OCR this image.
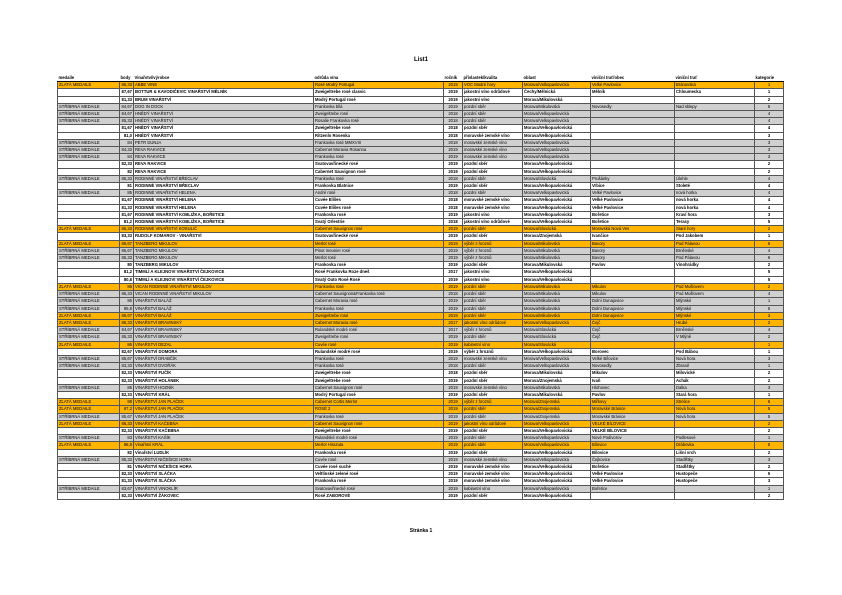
List1
medaile	body	Vinařství/výrobce	odrůda vína	ročník	přívlastek/kvalita	oblast	viniční trať/obec	viniční trať	kategorie
ZLATÁ MEDAILE	86,33	ABBE VINE	Rosé Modrý Portugal	2019	VOC Modré hory	Morava/Velkopavlovická	Velké Pavlovice	Bránovská	1
	87,67	BOTTUR & KAVODIČEVIC VINAŘSTVÍ MĚLNÍK	Zweigeltrebe rosé classic	2019	jakostní víno odrůdové	Čechy/Mělnická	Mělník	Chloumecka	1
	81,33	BRUM VINAŘSTVÍ	Modrý Portugal rosé	2019	jakostní víno	Morava/Mikulovská			2
STŘÍBRNÁ MEDAILE	84,67	DOG IN DOCK	Frankovka bílá	2019	pozdní sběr	Morava/Mikulovská	Novosedly	Nad sklepy	5
STŘÍBRNÁ MEDAILE	84,67	HNĚDÝ VINAŘSTVÍ	Zweigeltrebe rosé	2018	pozdní sběr	Morava/Velkopavlovická			4
STŘÍBRNÁ MEDAILE	85,33	HNĚDÝ VINAŘSTVÍ	Rosalie Frankovka rosé	2018	pozdní sběr	Morava/Velkopavlovická			4
	81,67	HNĚDÝ VINAŘSTVÍ	Zweigeltrebe rosé	2018	pozdní sběr	Morava/Velkopavlovická			4
	81,0	HNĚDÝ VINAŘSTVÍ	Ritzenlo Rosenka	2018	moravské zemské víno	Morava/Velkopavlovická			3
STŘÍBRNÁ MEDAILE	84	PETR DUNJA	Frankovka rosé MMXVIII	2018	moravské zemské víno	Morava/Velkopavlovická			3
STŘÍBRNÁ MEDAILE	84,33	REVA RAKVICE	Cabernet Moravia Rosanna	2019	moravské zemské víno	Morava/Velkopavlovická			3
STŘÍBRNÁ MEDAILE	84	REVA RAKVICE	Frankovka rosé	2019	moravské zemské víno	Morava/Velkopavlovická			3
	82,33	REVA RAKVICE	Svatovavřinecké rosé	2019	pozdní sběr	Morava/Velkopavlovická			2
	82	REVA RAKVICE	Cabernet Sauvignon rosé	2019	pozdní sběr	Morava/Velkopavlovická			2
STŘÍBRNÁ MEDAILE	85,33	RODINNÉ VINAŘSTVÍ BŘECLAV	Frankovka rosé	2018	pozdní sběr	Morava/Slovácká	Prušánky	Úlehle	4
	81	RODINNÉ VINAŘSTVÍ BŘECLAV	Frankovka Blatnice	2019	pozdní sběr	Morava/Velkopavlovická	Vrbice	Stoleté	4
STŘÍBRNÁ MEDAILE	85	RODINNÉ VINAŘSTVÍ HELENA	André rosé	2018	pozdní sběr	Morava/Velkopavlovická	Velké Pavlovice	nová horka	4
	81,67	RODINNÉ VINAŘSTVÍ HELENA	Cuvée Elišes	2018	moravské zemské víno	Morava/Velkopavlovická	Velké Pavlovice	nová horka	4
	81,33	RODINNÉ VINAŘSTVÍ HELENA	Cuvée Elišes rosé	2018	moravské zemské víno	Morava/Velkopavlovická	Velké Pavlovice	nová horka	4
	81,67	RODINNÉ VINAŘSTVÍ KOBLIŽKA, BOŘETICE	Frankovka rosé	2019	jakostní víno	Morava/Velkopavlovická	Bořetice	Kraví hora	3
	81,2	RODINNÉ VINAŘSTVÍ KOBLIŽKA, BOŘETICE	Svatý Orlestrie	2018	jakostní víno odrůdové	Morava/Velkopavlovická	Bořetice	Terasy	5
ZLATÁ MEDAILE	86,33	RODINNÉ VINAŘSTVÍ KOSULIČ	Cabernet Sauvignon rosé	2019	pozdní sběr	Morava/Slovácká	Moravská Nová Ves	Staré hory	2
	83,33	RUDOLF KOMAROV - VINAŘSTVÍ	Svatovavřinecké rosé	2019	pozdní sběr	Morava/Znojemská	Ivančice	Pod Jakobem	1
ZLATÁ MEDAILE	86,67	TANZBERG MIKULOV	Merlot rosé	2019	výběr z hroznů	Morava/Mikulovská	Bavory	Pod Pálavou	6
STŘÍBRNÁ MEDAILE	85,67	TANZBERG MIKULOV	Pinot meunier rosé	2019	výběr z hroznů	Morava/Mikulovská	Bavory	Brněnské	4
STŘÍBRNÁ MEDAILE	85,33	TANZBERG MIKULOV	Merlot rosé	2019	výběr z hroznů	Morava/Mikulovská	Bavory	Pod Pálavou	6
	80	TANZBERG MIKULOV	Frankovka rosé	2019	pozdní sběr	Morava/Mikulovská	Pavlov	Vinohrádky	2
	81,2	TIMMLÍ A KLEJNOVI VINAŘSTVÍ ČEJKOVICE	Rosé Frankovka Roze dneš	2017	jakostní víno	Morava/Velkopavlovická			5
	80,8	TIMMLÍ A KLEJNOVI VINAŘSTVÍ ČEJKOVICE	Svatý Outo Rosé Rosé	2019	jakostní víno	Morava/Velkopavlovická			5
ZLATÁ MEDAILE	86	VICAN RODINNÉ VINAŘSTVÍ MIKULOV	Frankovka rosé	2019	pozdní sběr	Morava/Mikulovská	Mikulov	Pod Mušlovem	2
STŘÍBRNÁ MEDAILE	85,33	VICAN RODINNÉ VINAŘSTVÍ MIKULOV	Cabernet Sauvignon&Frankovka rosé	2018	pozdní sběr	Morava/Mikulovská	Mikulov	Pod Mušlovem	4
STŘÍBRNÁ MEDAILE	86	VINAŘSTVÍ BALÁŽ	Cabernet Moravia rosé	2019	pozdní sběr	Morava/Mikulovská	Dolní Dunajovice	Mlýnské	1
STŘÍBRNÁ MEDAILE	85,8	VINAŘSTVÍ BALÁŽ	Frankovka rosé	2019	pozdní sběr	Morava/Mikulovská	Dolní Dunajovice	Mlýnské	5
ZLATÁ MEDAILE	86,67	VINAŘSTVÍ BALÁŽ	Zweigeltrebe rosé	2019	pozdní sběr	Morava/Mikulovská	Dolní Dunajovice	Mlýnské	3
ZLATÁ MEDAILE	86,33	VINAŘSTVÍ BRAVINSKÝ	Cabernet Moravia rosé	2017	jakostní víno odrůdové	Morava/Velkopavlovická	Čejč	Hrubé	2
STŘÍBRNÁ MEDAILE	84,67	VINAŘSTVÍ BRAVINSKÝ	Rulandské modré rosé	2017	výběr z hroznů	Morava/Slovácká	Čejč	Brněnské	4
STŘÍBRNÁ MEDAILE	85,33	VINAŘSTVÍ BRAVINSKÝ	Zweigeltrebe rosé	2019	pozdní sběr	Morava/Slovácká	Čejč	V Mlýně	2
ZLATÁ MEDAILE	86	VINAŘSTVÍ DEZAL	Cuvée rosé	2019	kabinetní víno	Morava/Slovácká			1
	82,67	VINAŘSTVÍ DOMORA	Rulandské modré rosé	2019	výběr z hroznů	Morava/Velkopavlovická	Borovec	Pod Bábou	1
STŘÍBRNÁ MEDAILE	85,67	VINAŘSTVÍ DRABČÍK	Frankovka rosé	2019	moravské zemské víno	Morava/Velkopavlovická	Velké Bílovice	Nová hora	3
STŘÍBRNÁ MEDAILE	83,33	VINAŘSTVÍ DVOŘÁK	Frankovka rosé	2018	pozdní sběr	Morava/Velkopavlovická	Novosedly	Zbraně	1
	82,33	VINAŘSTVÍ FUČÍK	Zweigeltrebe rosé	2018	pozdní sběr	Morava/Mikulovská	Mikulov	Milovické	2
	82,33	VINAŘSTVÍ HOLÁNEK	Zweigeltrebe rosé	2019	pozdní sběr	Morava/Znojemská	Ivaň	Achák	2
STŘÍBRNÁ MEDAILE	85	VINAŘSTVÍ HOZNÍK	Cabernet Sauvignon rosé	2019	moravské zemské víno	Morava/Mikulovská	Hlohovec	Dalka	3
	82,33	VINAŘSTVÍ KRÁL	Modrý Portugal rosé	2019	pozdní sběr	Morava/Mikulovská	Pavlov	Stará hora	1
ZLATÁ MEDAILE	88	VINAŘSTVÍ JAN PLAČEK	Cabernet Cortis Merlot	2019	výběr z hroznů	Morava/Znojemská	Miřkovy	Strelice	6
ZLATÁ MEDAILE	87,2	VINAŘSTVÍ JAN PLAČEK	ROSÉ 2	2019	pozdní sběr	Morava/Znojemská	Moravské Bránice	Nová hora	5
STŘÍBRNÁ MEDAILE	85,67	VINAŘSTVÍ JAN PLAČEK	Frankovka rosé	2019	pozdní sběr	Morava/Znojemská	Moravské Bránice	Nová hora	5
ZLATÁ MEDAILE	86,33	VINAŘSTVÍ KAČEBNA	Cabernet Sauvignon rosé	2019	jakostní víno odrůdové	Morava/Velkopavlovická	VELKÉ BÍLOVICE		2
	82,33	VINAŘSTVÍ KAČEBNA	Zweigeltrebe rosé	2019	pozdní sběr	Morava/Velkopavlovická	VELKÉ BÍLOVICE		2
STŘÍBRNÁ MEDAILE	83	VINAŘSTVÍ KAŠÍK	Rulandské modré rosé	2019	pozdní sběr	Morava/Velkopavlovická	Nové Podivorov	Podlesové	1
ZLATÁ MEDAILE	86,8	Vinařství KRÁL	Merlot Hirazuta	2019	pozdní sběr	Morava/Velkopavlovická	Bílovice	Drábovka	5
	82	Vinařství LUDLÍK	Frankovka rosé	2019	pozdní sběr	Morava/Velkopavlovická	Bílovice	Lišní vrch	2
STŘÍBRNÁ MEDAILE	85,33	VINAŘSTVÍ NIČEŠICE HORA	Cuvée rosé	2019	moravské zemské víno	Morava/Velkopavlovická	Čejkovice	Stadlštky	3
	81	VINAŘSTVÍ NIČEŠICE HORA	Cuvée rosé suché	2019	moravské zemské víno	Morava/Velkopavlovická	Bořetice	Stadlštky	2
	82,33	VINAŘSTVÍ SLÁČKA	Veltlínské zelené rosé	2019	moravské zemské víno	Morava/Velkopavlovická	Velké Pavlovice	Hustopeče	5
	81,33	VINAŘSTVÍ SLÁČKA	Frankovka rosé	2019	moravské zemské víno	Morava/Velkopavlovická	Velké Pavlovice	Hustopeče	3
STŘÍBRNÁ MEDAILE	83,67	VINAŘSTVÍ VINOKLÍR	Svatovavřinecké rosé	2019	kabinetní víno	Morava/Velkopavlovická	Bořetice		1
	82,33	VINAŘSTVÍ ŽÁKOVEC	Rosé ZABOROVÉ	2019	pozdní sběr	Morava/Velkopavlovická			2
Stránka 1
